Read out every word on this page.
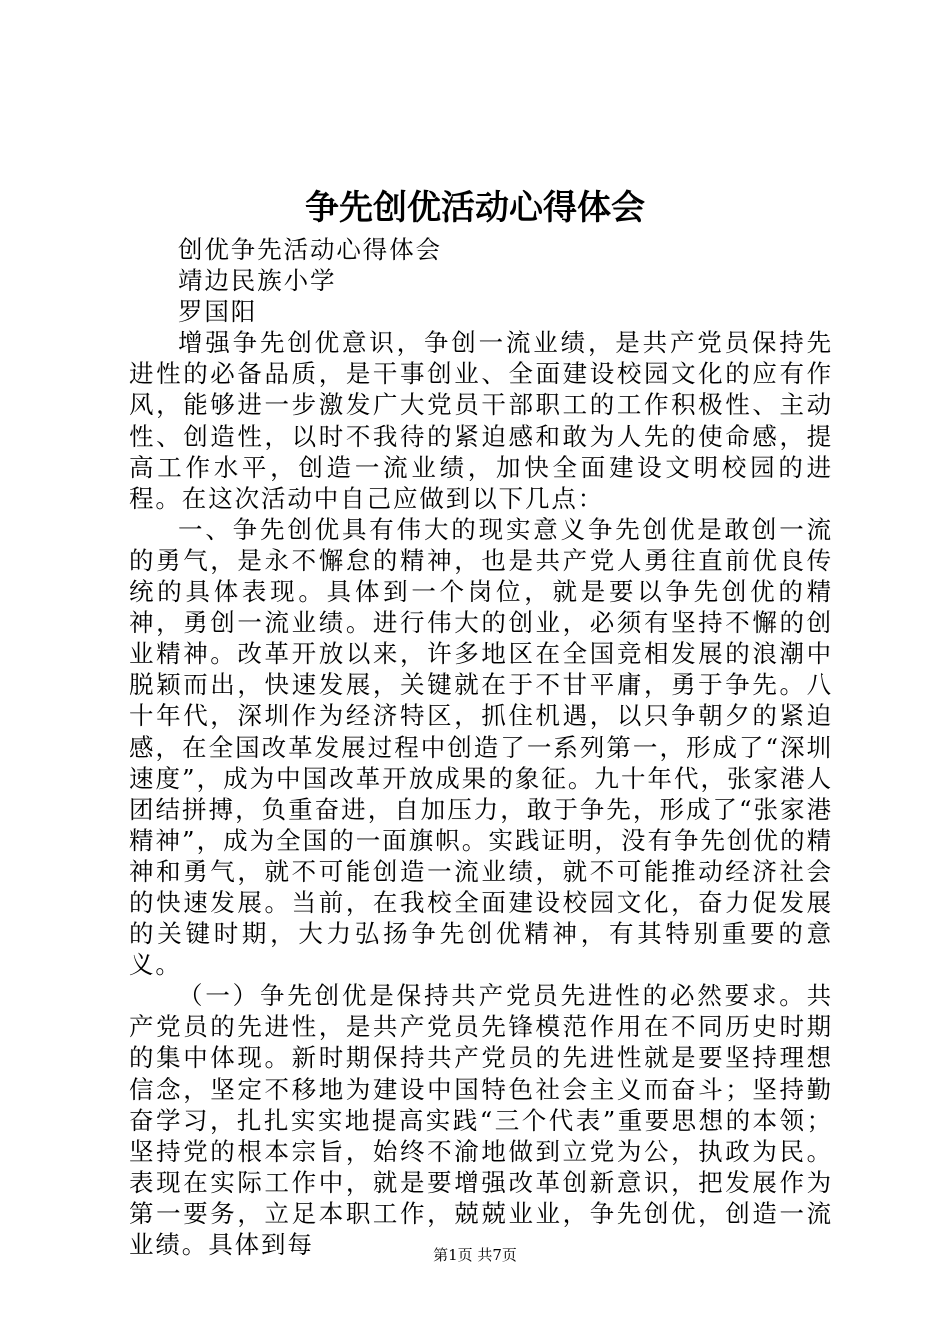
争先创优活动心得体会

创优争先活动心得体会

靖边民族小学

罗国阳

增强争先创优意识，争创一流业绩，是共产党员保持先进性的必备品质，是干事创业、全面建设校园文化的应有作风，能够进一步激发广大党员干部职工的工作积极性、主动性、创造性，以时不我待的紧迫感和敢为人先的使命感，提高工作水平，创造一流业绩，加快全面建设文明校园的进程。在这次活动中自己应做到以下几点：

一、争先创优具有伟大的现实意义争先创优是敢创一流的勇气，是永不懈怠的精神，也是共产党人勇往直前优良传统的具体表现。具体到一个岗位，就是要以争先创优的精神，勇创一流业绩。进行伟大的创业，必须有坚持不懈的创业精神。改革开放以来，许多地区在全国竞相发展的浪潮中脱颖而出，快速发展，关键就在于不甘平庸，勇于争先。八十年代，深圳作为经济特区，抓住机遇，以只争朝夕的紧迫感，在全国改革发展过程中创造了一系列第一，形成了“深圳速度”，成为中国改革开放成果的象征。九十年代，张家港人团结拼搏，负重奋进，自加压力，敢于争先，形成了“张家港精神”，成为全国的一面旗帜。实践证明，没有争先创优的精神和勇气，就不可能创造一流业绩，就不可能推动经济社会的快速发展。当前，在我校全面建设校园文化，奋力促发展的关键时期，大力弘扬争先创优精神，有其特别重要的意义。

（一）争先创优是保持共产党员先进性的必然要求。共产党员的先进性，是共产党员先锋模范作用在不同历史时期的集中体现。新时期保持共产党员的先进性就是要坚持理想信念，坚定不移地为建设中国特色社会主义而奋斗；坚持勤奋学习，扎扎实实地提高实践“三个代表”重要思想的本领；坚持党的根本宗旨，始终不渝地做到立党为公，执政为民。表现在实际工作中，就是要增强改革创新意识，把发展作为第一要务，立足本职工作，兢兢业业，争先创优，创造一流业绩。具体到每	第1页 共7页
